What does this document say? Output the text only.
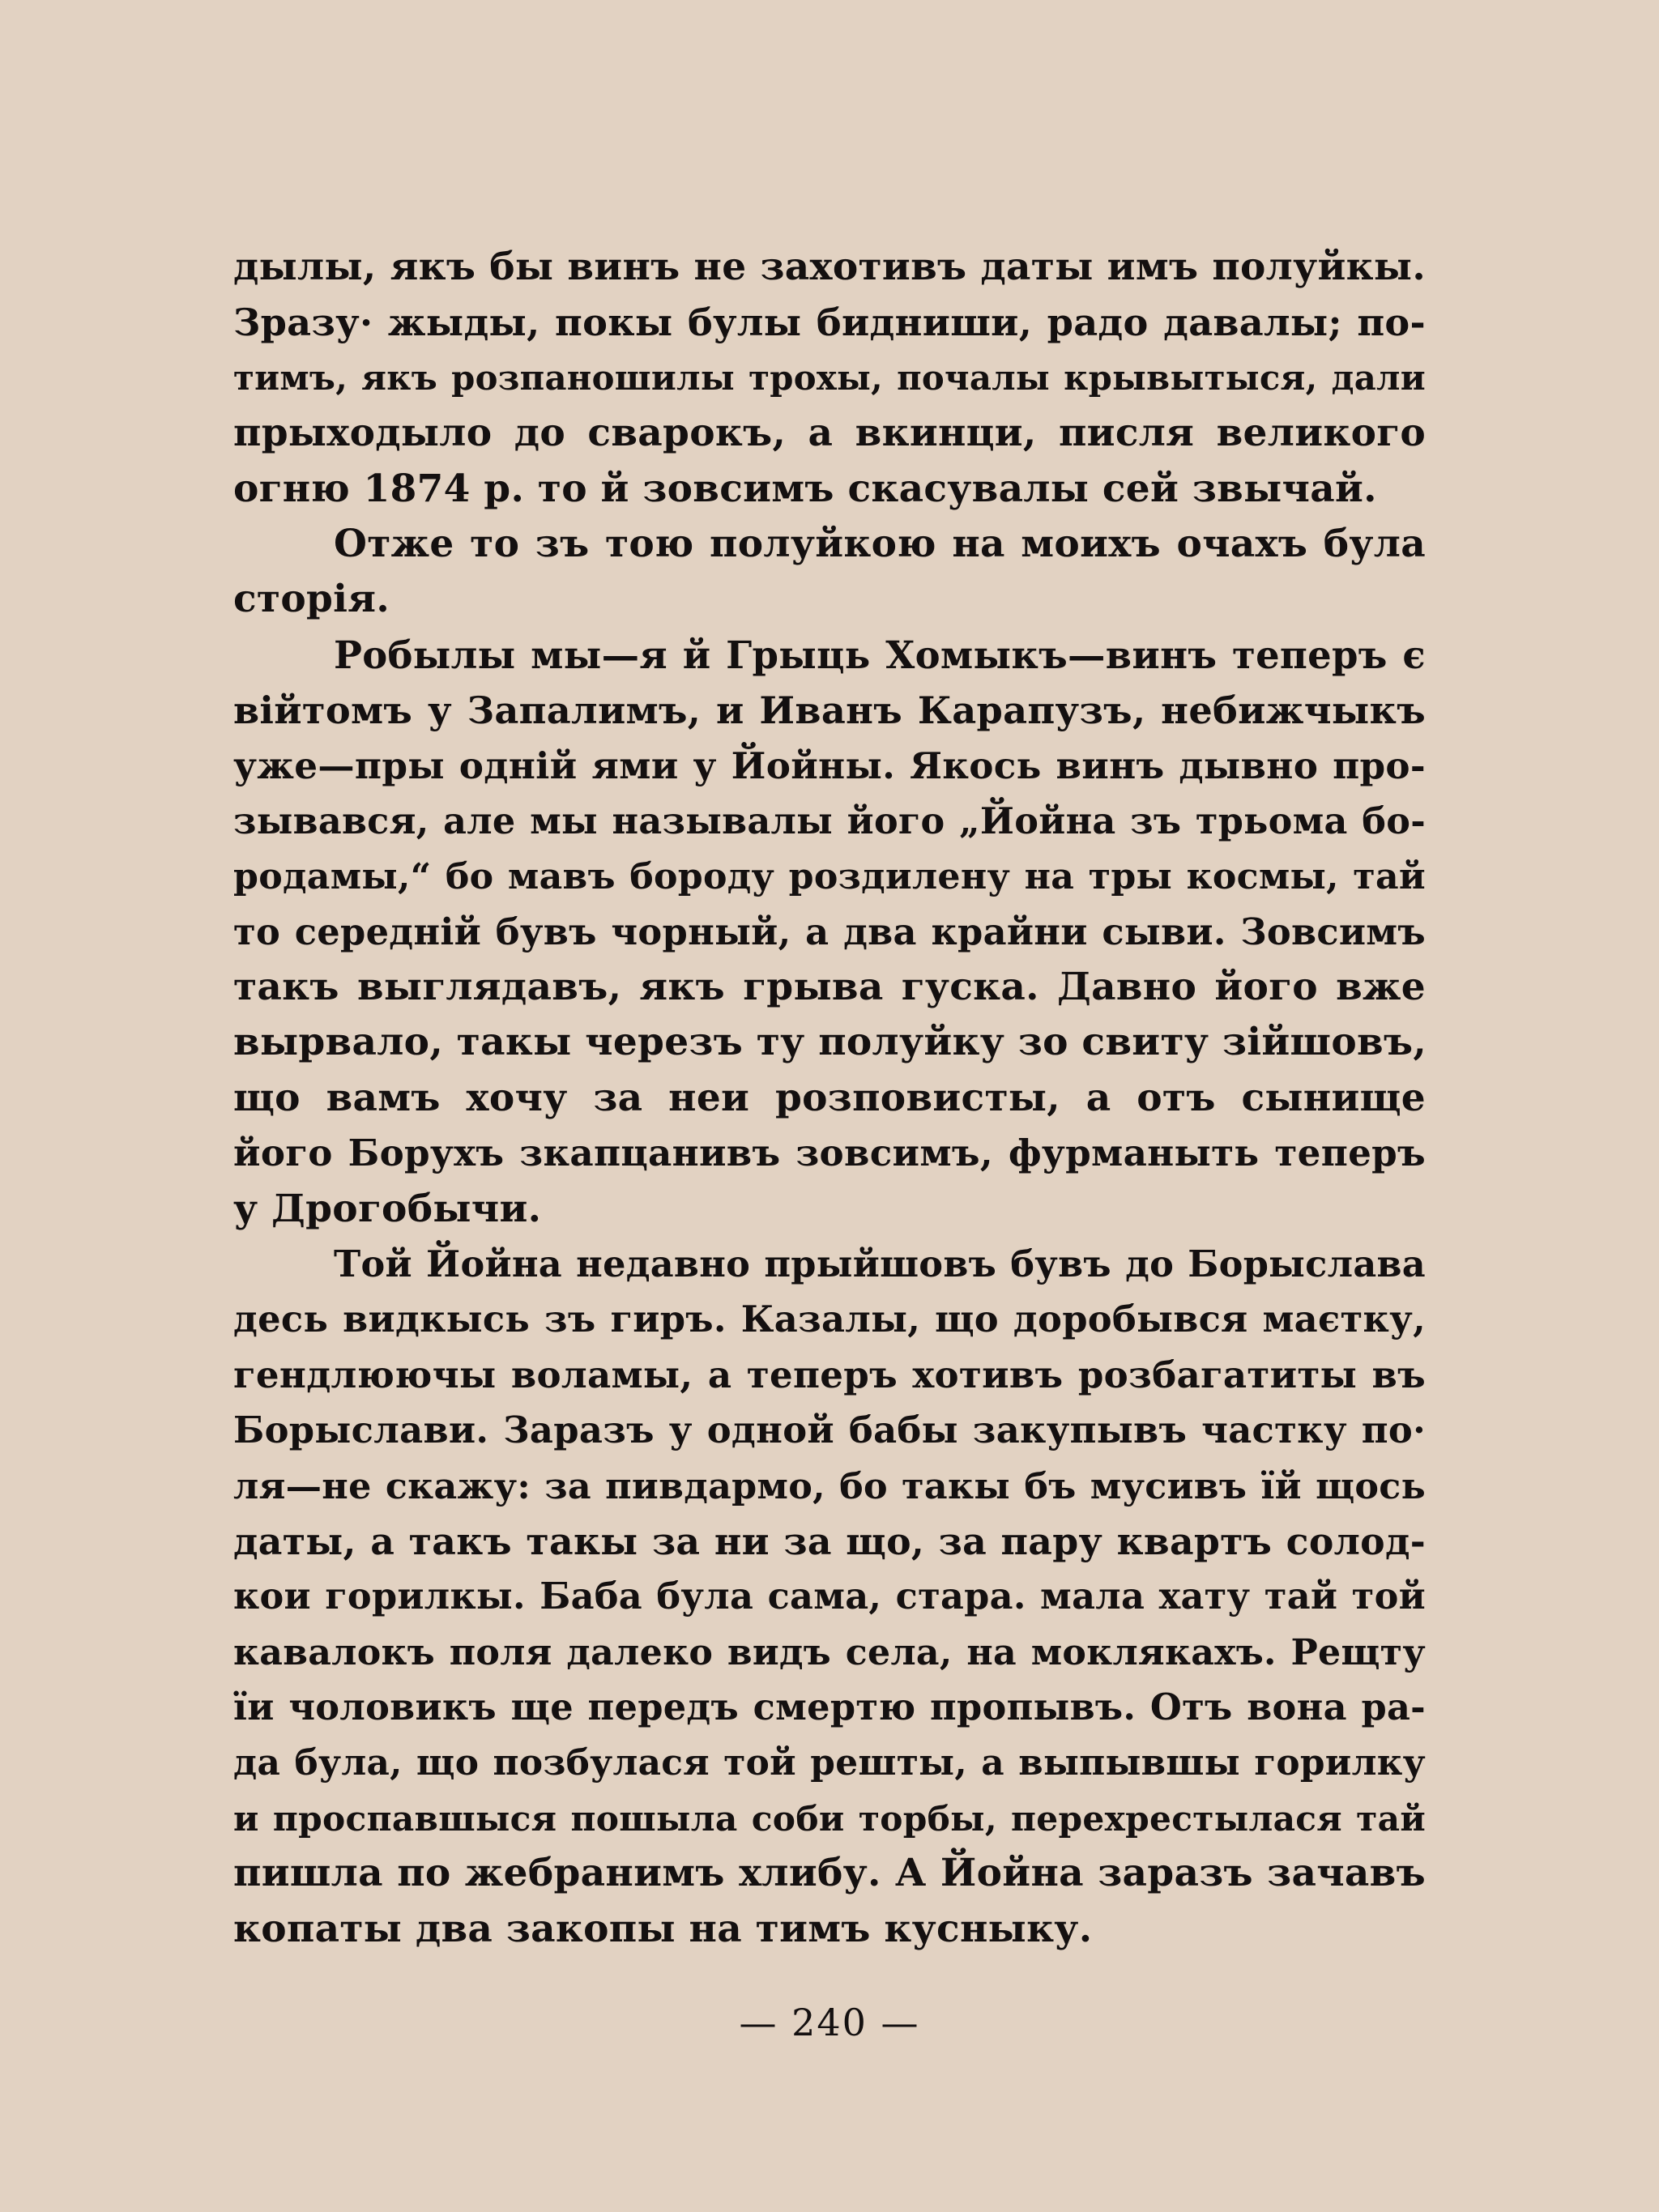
дылы, якъ бы винъ не захотивъ даты имъ полуйкы.
Зразу· жыды, покы булы бидниши, радо давалы; по-
тимъ, якъ розпаношилы трохы, почалы крывытыся, дали
прыходыло до сварокъ, а вкинци, писля великого
огню 1874 р. то й зовсимъ скасувалы сей звычай.
Отже то зъ тою полуйкою на моихъ очахъ була
сторія.
Робылы мы—я й Грыць Хомыкъ—винъ теперъ є
війтомъ у Запалимъ, и Иванъ Карапузъ, небижчыкъ
уже—пры одній ями у Йойны. Якось винъ дывно про-
зывався, але мы называлы його „Йойна зъ трьома бо-
родамы,“ бо мавъ бороду роздилену на тры космы, тай
то середній бувъ чорный, а два крайни сыви. Зовсимъ
такъ выглядавъ, якъ грыва гуска. Давно його вже
вырвало, такы черезъ ту полуйку зо свиту зійшовъ,
що вамъ хочу за неи розповисты, а отъ сынище
його Борухъ зкапцанивъ зовсимъ, фурманыть теперъ
у Дрогобычи.
Той Йойна недавно прыйшовъ бувъ до Борыслава
десь видкысь зъ гиръ. Казалы, що доробывся маєтку,
гендлюючы воламы, а теперъ хотивъ розбагатиты въ
Борыслави. Заразъ у одной бабы закупывъ частку по·
ля—не скажу: за пивдармо, бо такы бъ мусивъ їй щось
даты, а такъ такы за ни за що, за пару квартъ солод-
кои горилкы. Баба була сама, стара. мала хату тай той
кавалокъ поля далеко видъ села, на мoклякахъ. Рещту
їи чоловикъ ще передъ смертю пропывъ. Отъ вона ра-
да була, що позбулася той решты, а выпывшы горилку
и проспавшыся пошыла соби торбы, перехрестылася тай
пишла по жебранимъ хлибу. А Йойна заразъ зачавъ
копаты два закопы на тимъ кусныку.
— 240 —
